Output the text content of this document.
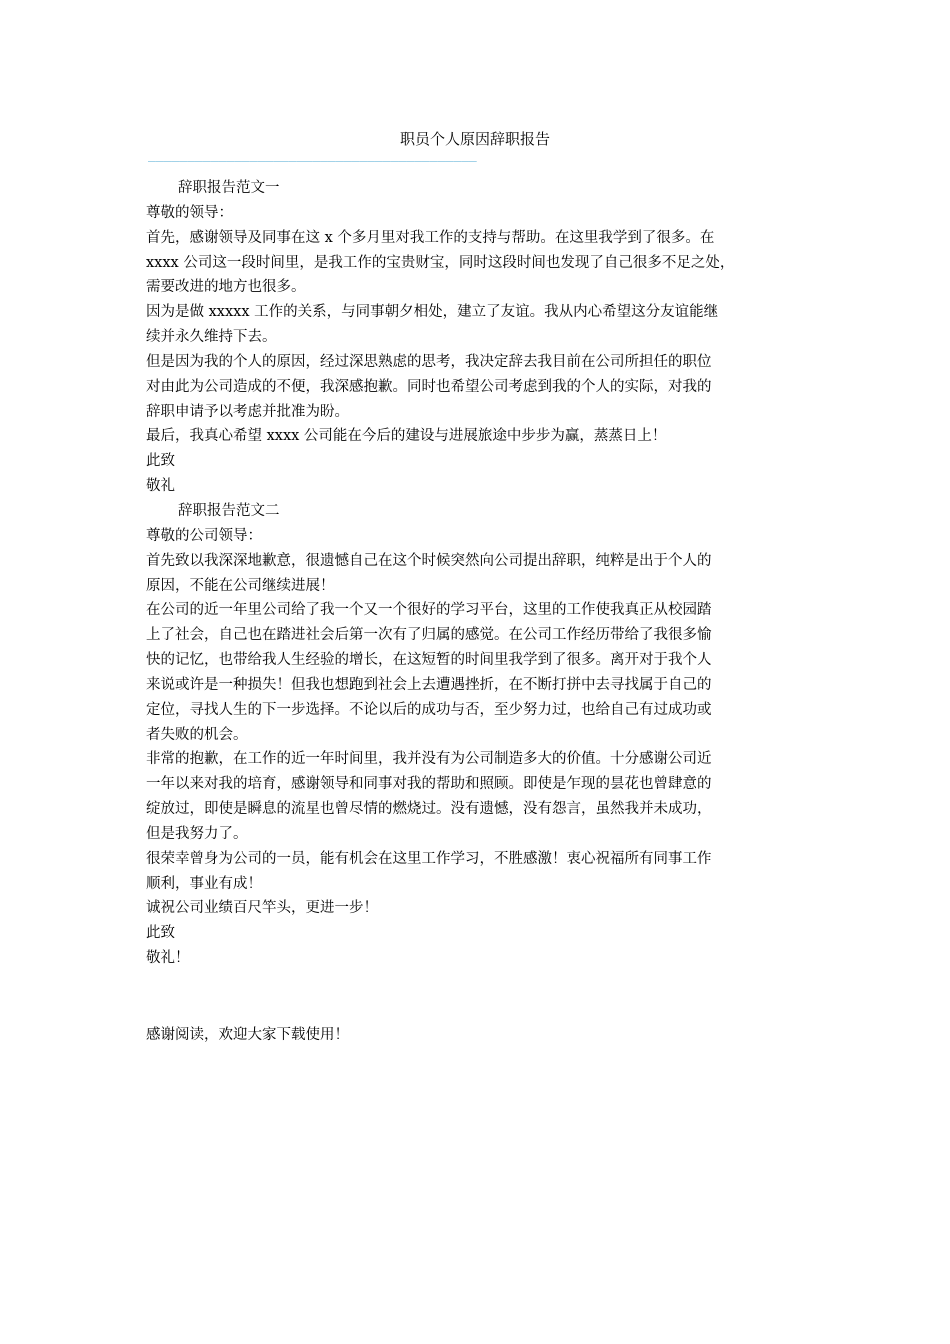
职员个人原因辞职报告
——————————————————————————————————————————
辞职报告范文一
尊敬的领导：
首先，感谢领导及同事在这 x 个多月里对我工作的支持与帮助。在这里我学到了很多。在
xxxx 公司这一段时间里，是我工作的宝贵财宝，同时这段时间也发现了自己很多不足之处，
需要改进的地方也很多。
因为是做 xxxxx 工作的关系，与同事朝夕相处，建立了友谊。我从内心希望这分友谊能继
续并永久维持下去。
但是因为我的个人的原因，经过深思熟虑的思考，我决定辞去我目前在公司所担任的职位
对由此为公司造成的不便，我深感抱歉。同时也希望公司考虑到我的个人的实际，对我的
辞职申请予以考虑并批准为盼。
最后，我真心希望 xxxx 公司能在今后的建设与进展旅途中步步为赢，蒸蒸日上！
此致
敬礼
辞职报告范文二
尊敬的公司领导：
首先致以我深深地歉意，很遗憾自己在这个时候突然向公司提出辞职，纯粹是出于个人的
原因，不能在公司继续进展！
在公司的近一年里公司给了我一个又一个很好的学习平台，这里的工作使我真正从校园踏
上了社会，自己也在踏进社会后第一次有了归属的感觉。在公司工作经历带给了我很多愉
快的记忆，也带给我人生经验的增长，在这短暂的时间里我学到了很多。离开对于我个人
来说或许是一种损失！但我也想跑到社会上去遭遇挫折，在不断打拼中去寻找属于自己的
定位，寻找人生的下一步选择。不论以后的成功与否，至少努力过，也给自己有过成功或
者失败的机会。
非常的抱歉，在工作的近一年时间里，我并没有为公司制造多大的价值。十分感谢公司近
一年以来对我的培育，感谢领导和同事对我的帮助和照顾。即使是乍现的昙花也曾肆意的
绽放过，即使是瞬息的流星也曾尽情的燃烧过。没有遗憾，没有怨言，虽然我并未成功，
但是我努力了。
很荣幸曾身为公司的一员，能有机会在这里工作学习，不胜感激！衷心祝福所有同事工作
顺利，事业有成！
诚祝公司业绩百尺竿头，更进一步！
此致
敬礼！
感谢阅读，欢迎大家下载使用！
